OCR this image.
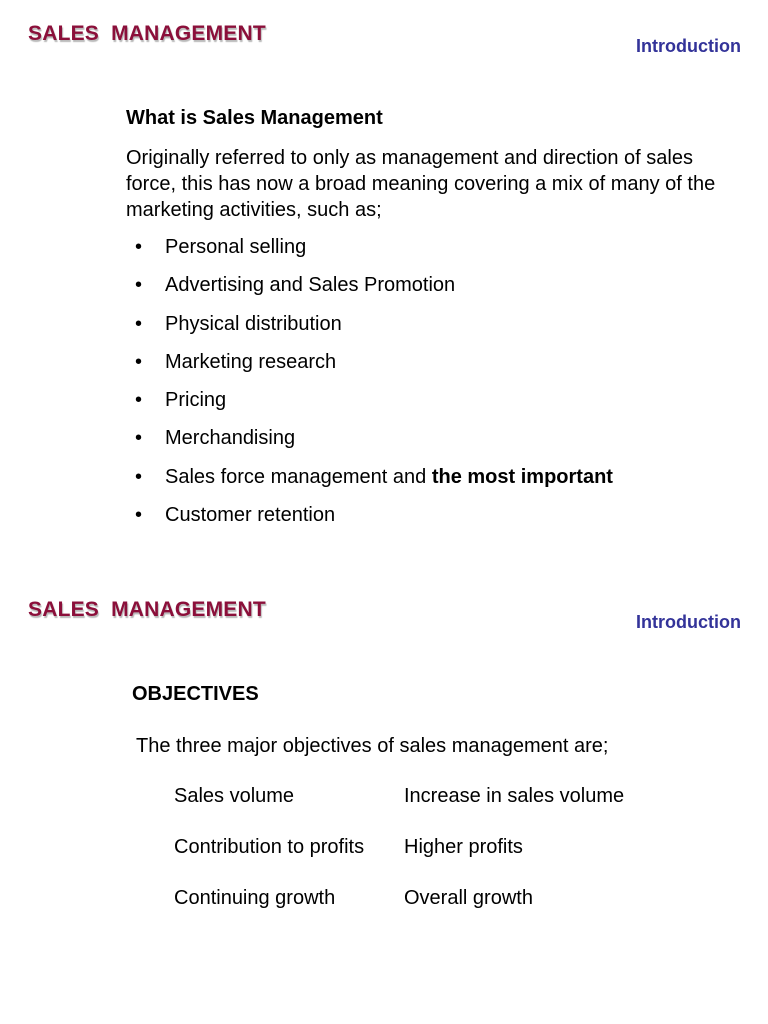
SALES  MANAGEMENT
Introduction
What is Sales Management

Originally referred to only as management and direction of sales force, this has now a broad meaning covering a mix of many of the marketing activities, such as;

• Personal selling
• Advertising and Sales Promotion
• Physical distribution
• Marketing research
• Pricing
• Merchandising
• Sales force management and the most important
• Customer retention
SALES  MANAGEMENT
Introduction
OBJECTIVES

The three major objectives of sales management are;

Sales volume	Increase in sales volume
Contribution to profits Higher profits
Continuing growth	Overall growth
